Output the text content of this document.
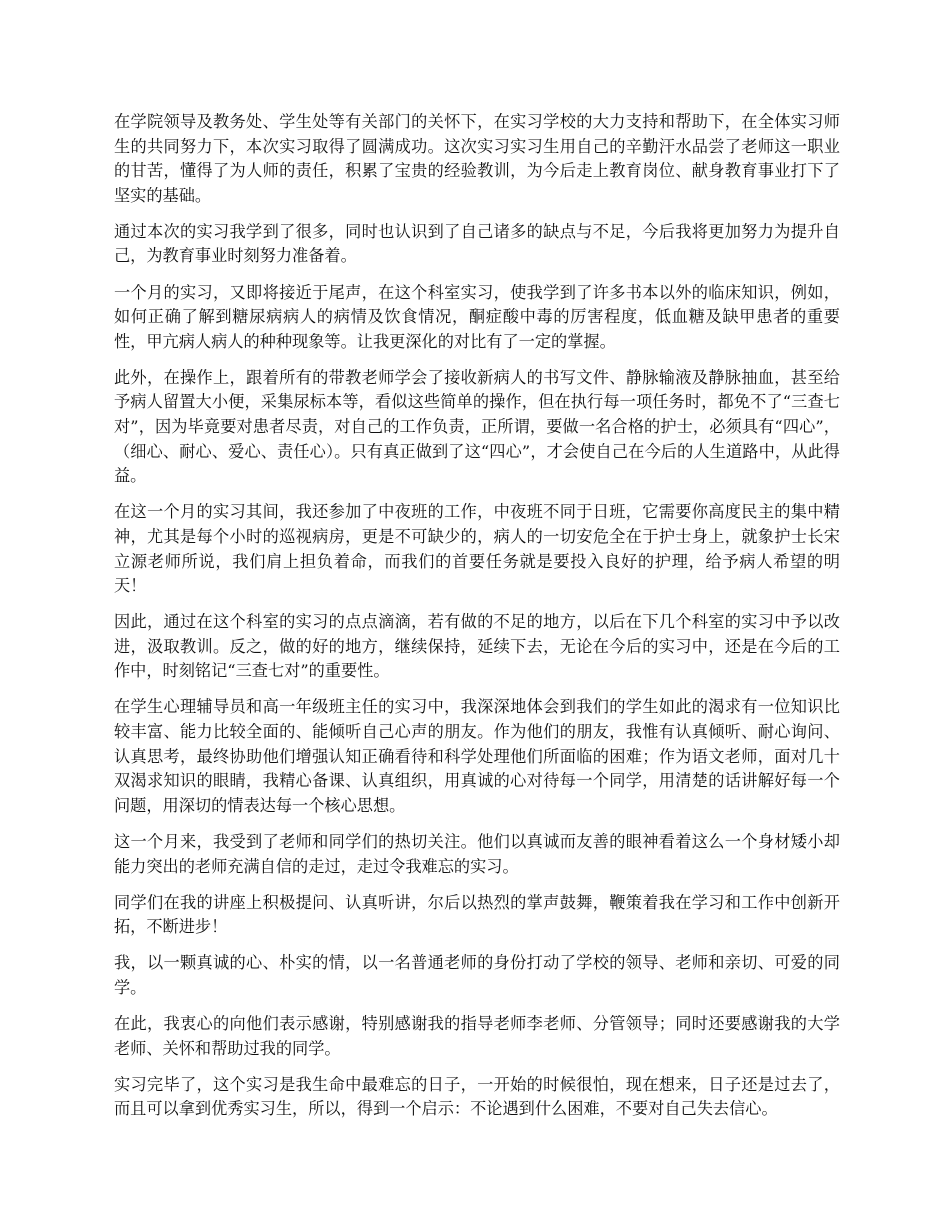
在学院领导及教务处、学生处等有关部门的关怀下，在实习学校的大力支持和帮助下，在全体实习师生的共同努力下，本次实习取得了圆满成功。这次实习实习生用自己的辛勤汗水品尝了老师这一职业的甘苦，懂得了为人师的责任，积累了宝贵的经验教训，为今后走上教育岗位、献身教育事业打下了坚实的基础。

通过本次的实习我学到了很多，同时也认识到了自己诸多的缺点与不足，今后我将更加努力为提升自己，为教育事业时刻努力准备着。

一个月的实习，又即将接近于尾声，在这个科室实习，使我学到了许多书本以外的临床知识，例如，如何正确了解到糖尿病病人的病情及饮食情况，酮症酸中毒的厉害程度，低血糖及缺甲患者的重要性，甲亢病人病人的种种现象等。让我更深化的对比有了一定的掌握。

此外，在操作上，跟着所有的带教老师学会了接收新病人的书写文件、静脉输液及静脉抽血，甚至给予病人留置大小便，采集尿标本等，看似这些简单的操作，但在执行每一项任务时，都免不了“三查七对”，因为毕竟要对患者尽责，对自己的工作负责，正所谓，要做一名合格的护士，必须具有“四心”，（细心、耐心、爱心、责任心）。只有真正做到了这“四心”，才会使自己在今后的人生道路中，从此得益。

在这一个月的实习其间，我还参加了中夜班的工作，中夜班不同于日班，它需要你高度民主的集中精神，尤其是每个小时的巡视病房，更是不可缺少的，病人的一切安危全在于护士身上，就象护士长宋立源老师所说，我们肩上担负着命，而我们的首要任务就是要投入良好的护理，给予病人希望的明天！

因此，通过在这个科室的实习的点点滴滴，若有做的不足的地方，以后在下几个科室的实习中予以改进，汲取教训。反之，做的好的地方，继续保持，延续下去，无论在今后的实习中，还是在今后的工作中，时刻铭记“三查七对”的重要性。

在学生心理辅导员和高一年级班主任的实习中，我深深地体会到我们的学生如此的渴求有一位知识比较丰富、能力比较全面的、能倾听自己心声的朋友。作为他们的朋友，我惟有认真倾听、耐心询问、认真思考，最终协助他们增强认知正确看待和科学处理他们所面临的困难；作为语文老师，面对几十双渴求知识的眼睛，我精心备课、认真组织，用真诚的心对待每一个同学，用清楚的话讲解好每一个问题，用深切的情表达每一个核心思想。

这一个月来，我受到了老师和同学们的热切关注。他们以真诚而友善的眼神看着这么一个身材矮小却能力突出的老师充满自信的走过，走过令我难忘的实习。

同学们在我的讲座上积极提问、认真听讲，尔后以热烈的掌声鼓舞，鞭策着我在学习和工作中创新开拓，不断进步！

我，以一颗真诚的心、朴实的情，以一名普通老师的身份打动了学校的领导、老师和亲切、可爱的同学。

在此，我衷心的向他们表示感谢，特别感谢我的指导老师李老师、分管领导；同时还要感谢我的大学老师、关怀和帮助过我的同学。

实习完毕了，这个实习是我生命中最难忘的日子，一开始的时候很怕，现在想来，日子还是过去了，而且可以拿到优秀实习生，所以，得到一个启示：不论遇到什么困难，不要对自己失去信心。
